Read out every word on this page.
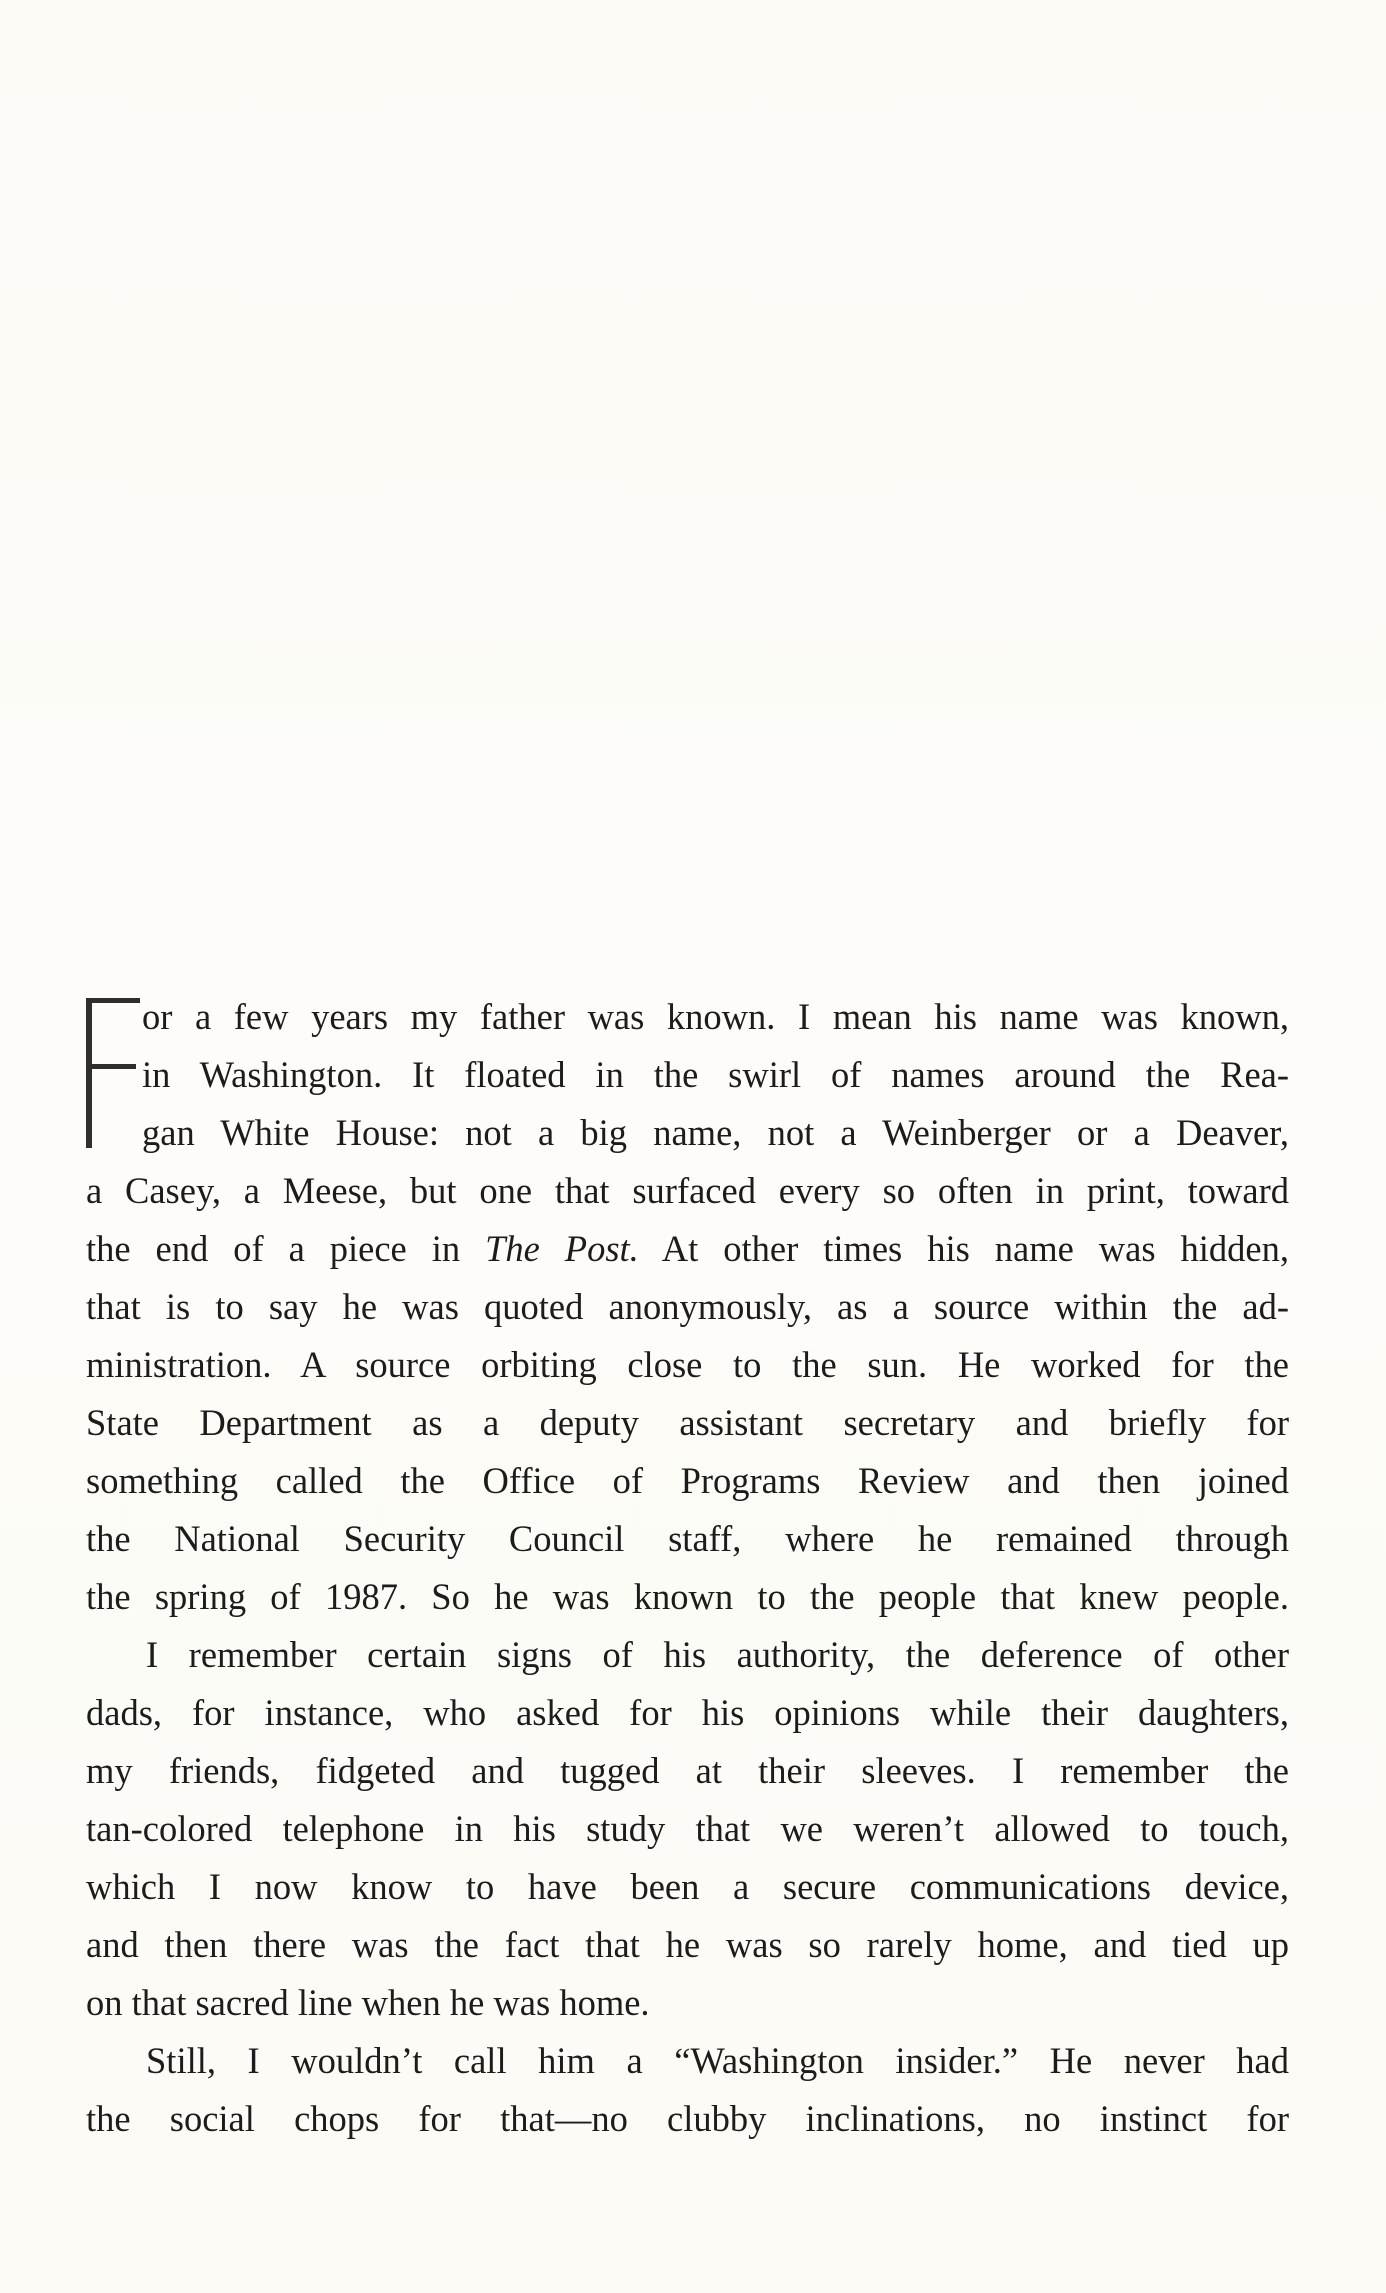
or a few years my father was known. I mean his name was known,
in Washington. It floated in the swirl of names around the Rea-
gan White House: not a big name, not a Weinberger or a Deaver,
a Casey, a Meese, but one that surfaced every so often in print, toward
the end of a piece in The Post. At other times his name was hidden,
that is to say he was quoted anonymously, as a source within the ad-
ministration. A source orbiting close to the sun. He worked for the
State Department as a deputy assistant secretary and briefly for
something called the Office of Programs Review and then joined
the National Security Council staff, where he remained through
the spring of 1987. So he was known to the people that knew people.
I remember certain signs of his authority, the deference of other
dads, for instance, who asked for his opinions while their daughters,
my friends, fidgeted and tugged at their sleeves. I remember the
tan-colored telephone in his study that we weren’t allowed to touch,
which I now know to have been a secure communications device,
and then there was the fact that he was so rarely home, and tied up
on that sacred line when he was home.
Still, I wouldn’t call him a “Washington insider.” He never had
the social chops for that—no clubby inclinations, no instinct for
